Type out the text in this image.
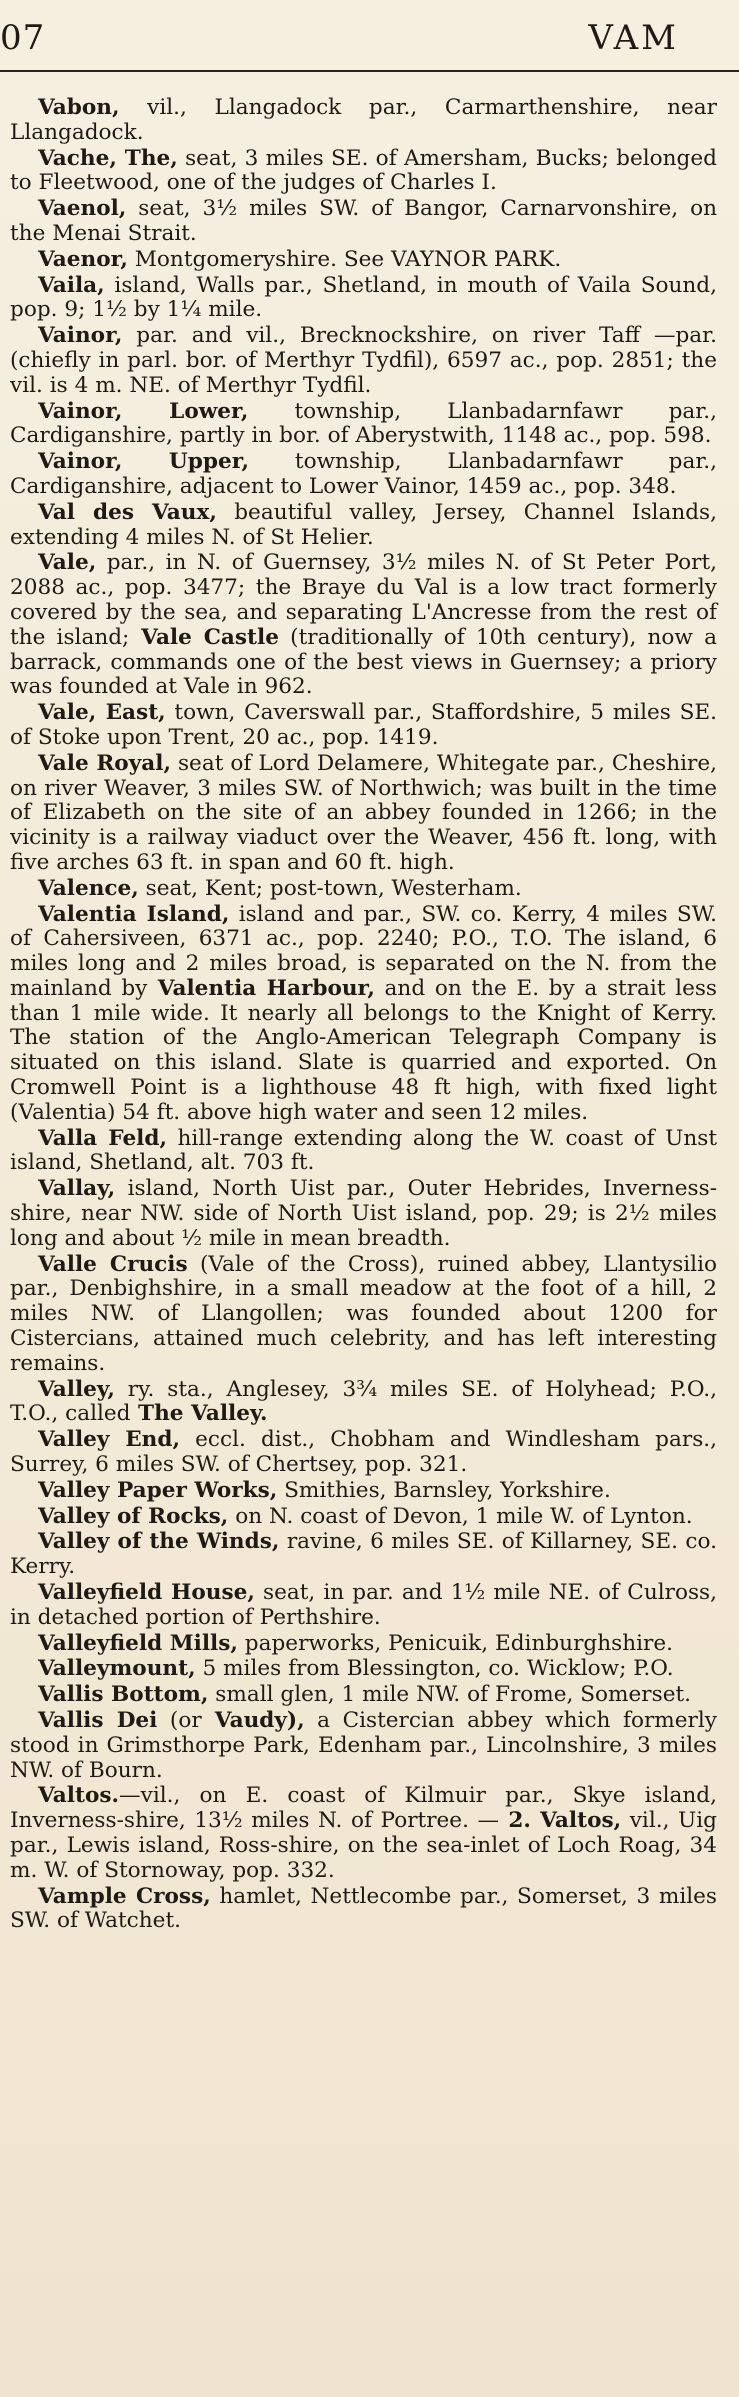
07	VAM

Vabon, vil., Llangadock par., Carmarthenshire, near Llangadock.

Vache, The, seat, 3 miles SE. of Amersham, Bucks; belonged to Fleetwood, one of the judges of Charles I.

Vaenol, seat, 3½ miles SW. of Bangor, Carnarvonshire, on the Menai Strait.

Vaenor, Montgomeryshire. See VAYNOR PARK.

Vaila, island, Walls par., Shetland, in mouth of Vaila Sound, pop. 9; 1½ by 1¼ mile.

Vainor, par. and vil., Brecknockshire, on river Taff —par. (chiefly in parl. bor. of Merthyr Tydfil), 6597 ac., pop. 2851; the vil. is 4 m. NE. of Merthyr Tydfil.

Vainor, Lower, township, Llanbadarnfawr par., Cardiganshire, partly in bor. of Aberystwith, 1148 ac., pop. 598.

Vainor, Upper, township, Llanbadarnfawr par., Cardiganshire, adjacent to Lower Vainor, 1459 ac., pop. 348.

Val des Vaux, beautiful valley, Jersey, Channel Islands, extending 4 miles N. of St Helier.

Vale, par., in N. of Guernsey, 3½ miles N. of St Peter Port, 2088 ac., pop. 3477; the Braye du Val is a low tract formerly covered by the sea, and separating L'Ancresse from the rest of the island; Vale Castle (traditionally of 10th century), now a barrack, commands one of the best views in Guernsey; a priory was founded at Vale in 962.

Vale, East, town, Caverswall par., Staffordshire, 5 miles SE. of Stoke upon Trent, 20 ac., pop. 1419.

Vale Royal, seat of Lord Delamere, Whitegate par., Cheshire, on river Weaver, 3 miles SW. of Northwich; was built in the time of Elizabeth on the site of an abbey founded in 1266; in the vicinity is a railway viaduct over the Weaver, 456 ft. long, with five arches 63 ft. in span and 60 ft. high.

Valence, seat, Kent; post-town, Westerham.

Valentia Island, island and par., SW. co. Kerry, 4 miles SW. of Cahersiveen, 6371 ac., pop. 2240; P.O., T.O. The island, 6 miles long and 2 miles broad, is separated on the N. from the mainland by Valentia Harbour, and on the E. by a strait less than 1 mile wide. It nearly all belongs to the Knight of Kerry. The station of the Anglo-American Telegraph Company is situated on this island. Slate is quarried and exported. On Cromwell Point is a lighthouse 48 ft high, with fixed light (Valentia) 54 ft. above high water and seen 12 miles.

Valla Feld, hill-range extending along the W. coast of Unst island, Shetland, alt. 703 ft.

Vallay, island, North Uist par., Outer Hebrides, Inverness-shire, near NW. side of North Uist island, pop. 29; is 2½ miles long and about ½ mile in mean breadth.

Valle Crucis (Vale of the Cross), ruined abbey, Llantysilio par., Denbighshire, in a small meadow at the foot of a hill, 2 miles NW. of Llangollen; was founded about 1200 for Cistercians, attained much celebrity, and has left interesting remains.

Valley, ry. sta., Anglesey, 3¾ miles SE. of Holyhead; P.O., T.O., called The Valley.

Valley End, eccl. dist., Chobham and Windlesham pars., Surrey, 6 miles SW. of Chertsey, pop. 321.

Valley Paper Works, Smithies, Barnsley, Yorkshire.

Valley of Rocks, on N. coast of Devon, 1 mile W. of Lynton.

Valley of the Winds, ravine, 6 miles SE. of Killarney, SE. co. Kerry.

Valleyfield House, seat, in par. and 1½ mile NE. of Culross, in detached portion of Perthshire.

Valleyfield Mills, paperworks, Penicuik, Edinburghshire.

Valleymount, 5 miles from Blessington, co. Wicklow; P.O.

Vallis Bottom, small glen, 1 mile NW. of Frome, Somerset.

Vallis Dei (or Vaudy), a Cistercian abbey which formerly stood in Grimsthorpe Park, Edenham par., Lincolnshire, 3 miles NW. of Bourn.

Valtos.—vil., on E. coast of Kilmuir par., Skye island, Inverness-shire, 13½ miles N. of Portree. — 2. Valtos, vil., Uig par., Lewis island, Ross-shire, on the sea-inlet of Loch Roag, 34 m. W. of Stornoway, pop. 332.

Vample Cross, hamlet, Nettlecombe par., Somerset, 3 miles SW. of Watchet.
